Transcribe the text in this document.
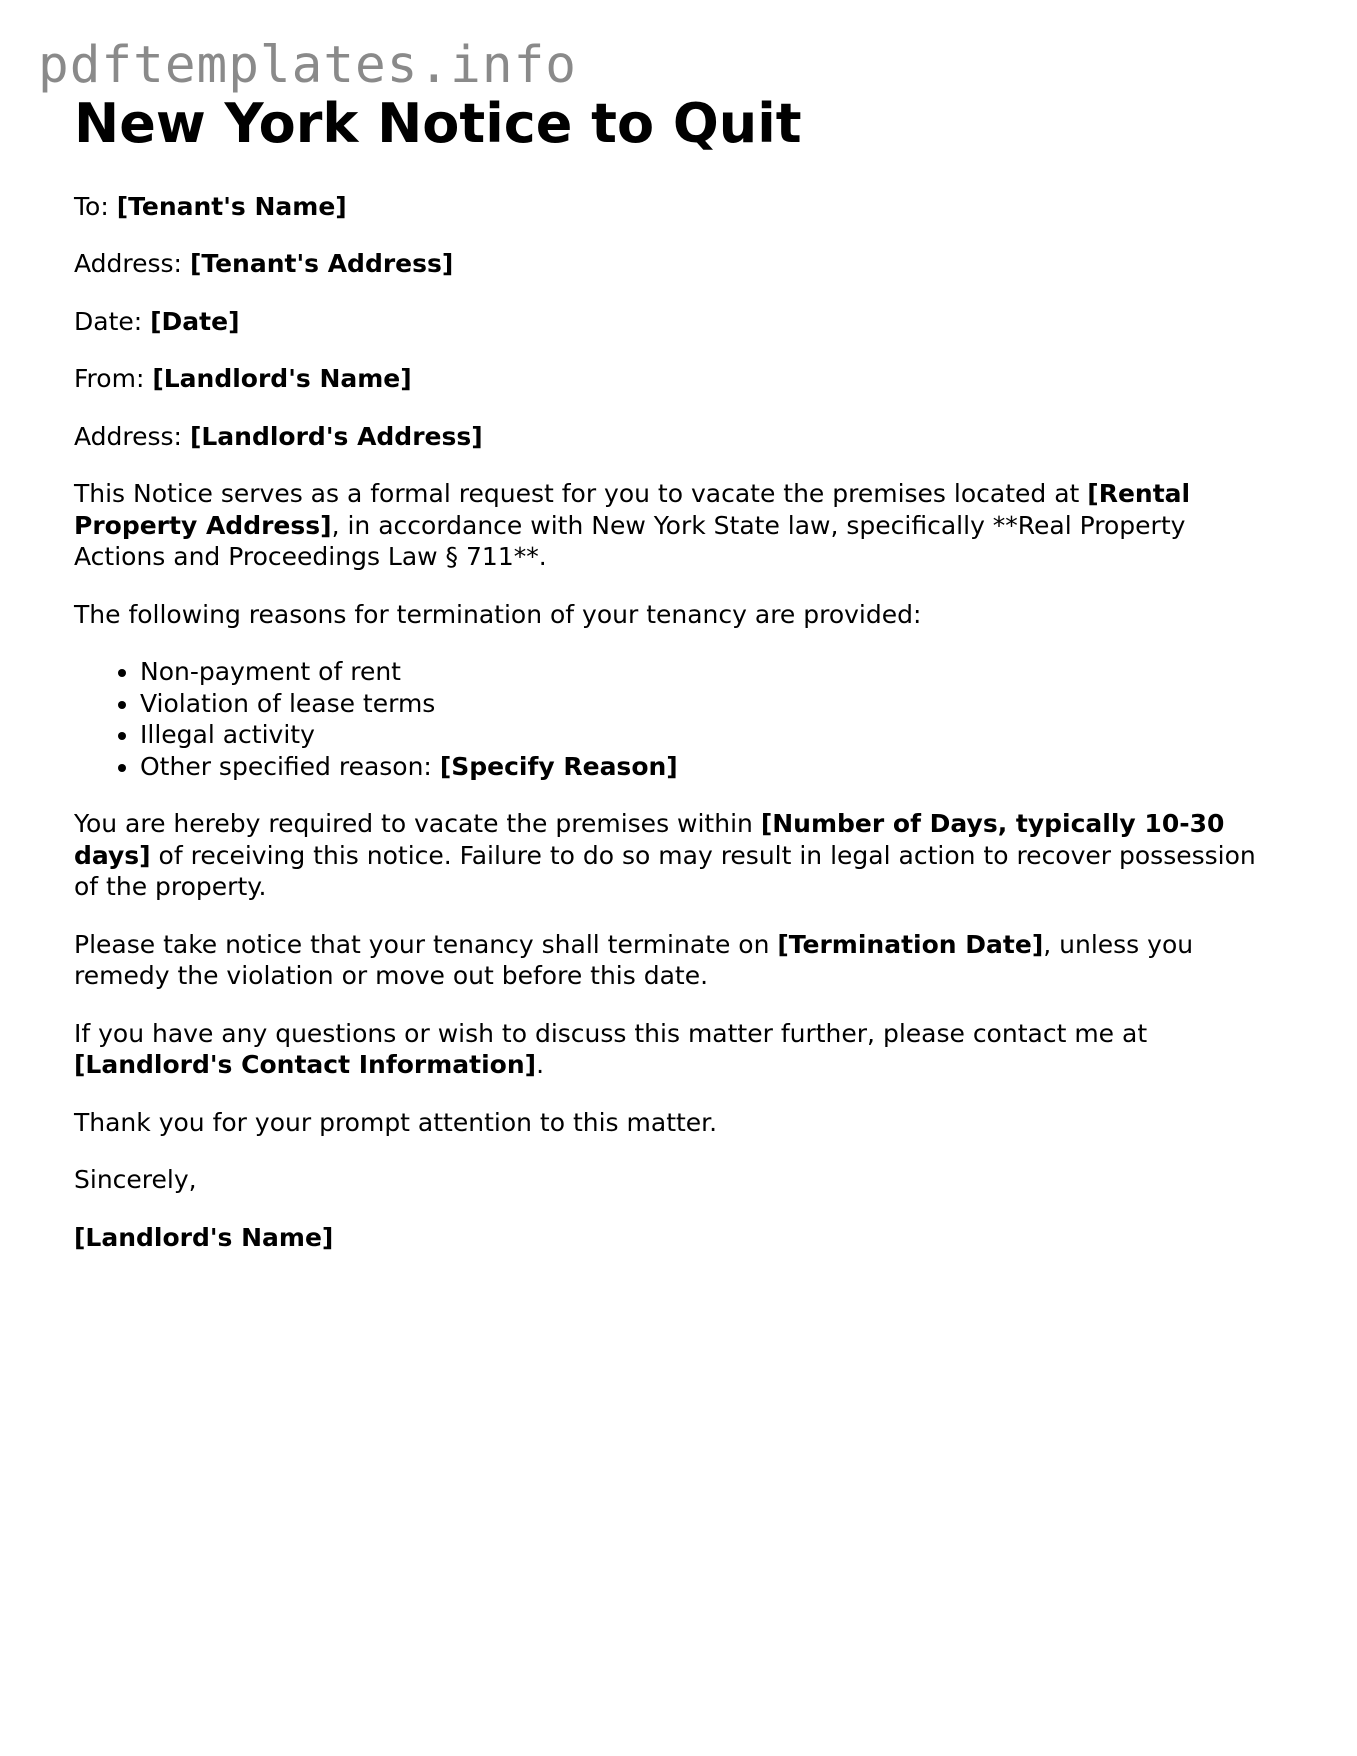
pdftemplates.info
New York Notice to Quit

To: [Tenant's Name]

Address: [Tenant's Address]

Date: [Date]

From: [Landlord's Name]

Address: [Landlord's Address]

This Notice serves as a formal request for you to vacate the premises located at [Rental Property Address], in accordance with New York State law, specifically **Real Property Actions and Proceedings Law § 711**.

The following reasons for termination of your tenancy are provided:

• Non-payment of rent
• Violation of lease terms
• Illegal activity
• Other specified reason: [Specify Reason]

You are hereby required to vacate the premises within [Number of Days, typically 10-30 days] of receiving this notice. Failure to do so may result in legal action to recover possession of the property.

Please take notice that your tenancy shall terminate on [Termination Date], unless you remedy the violation or move out before this date.

If you have any questions or wish to discuss this matter further, please contact me at [Landlord's Contact Information].

Thank you for your prompt attention to this matter.

Sincerely,

[Landlord's Name]
